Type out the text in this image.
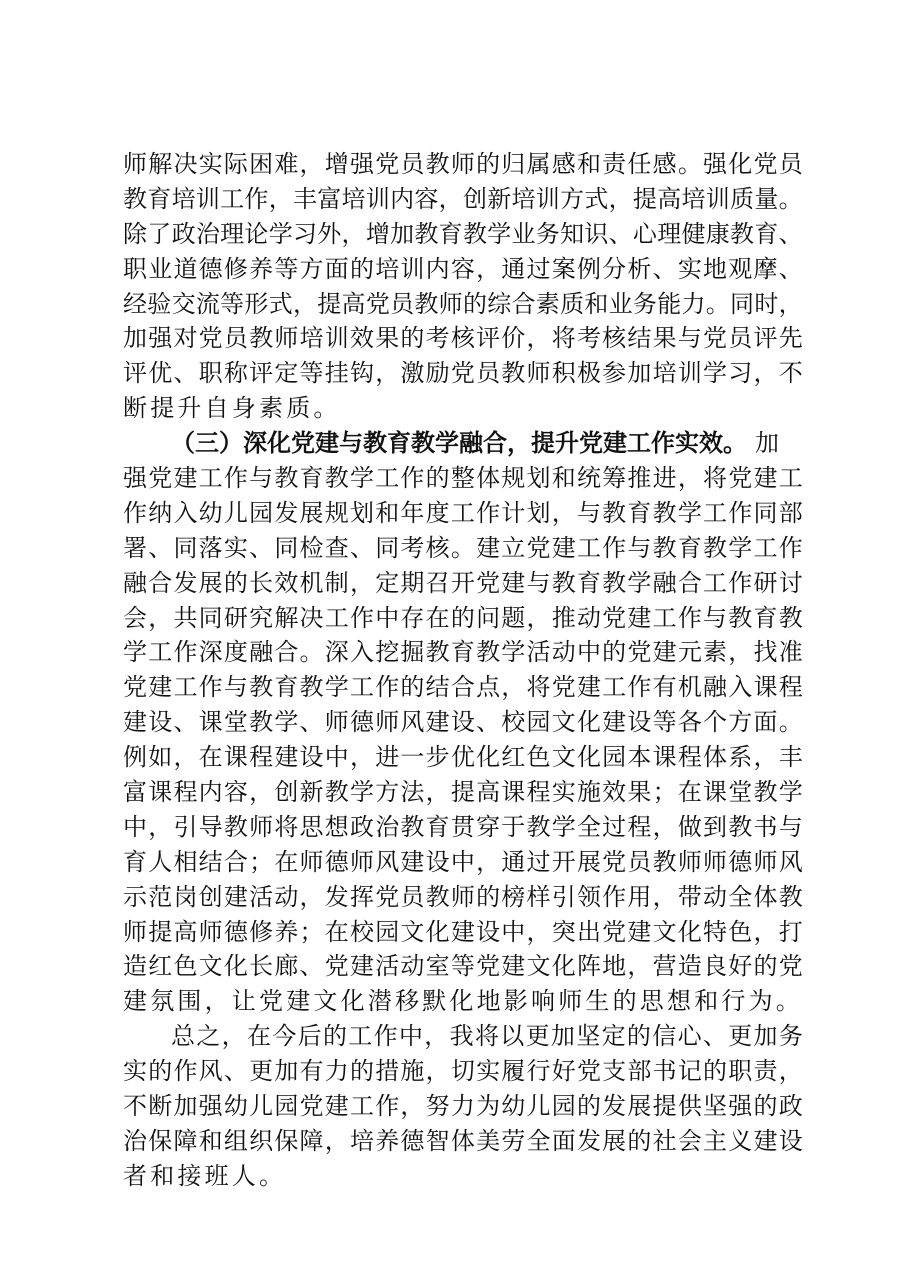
师 解 决 实 际 困 难 ， 增 强 党 员 教 师 的 归 属 感 和 责 任 感 。 强 化 党 员
教 育 培 训 工 作 ， 丰 富 培 训 内 容 ， 创 新 培 训 方 式 ， 提 高 培 训 质 量 。
除 了 政 治 理 论 学 习 外 ， 增 加 教 育 教 学 业 务 知 识 、 心 理 健 康 教 育 、
职 业 道 德 修 养 等 方 面 的 培 训 内 容 ， 通 过 案 例 分 析 、 实 地 观 摩 、
经 验 交 流 等 形 式 ， 提 高 党 员 教 师 的 综 合 素 质 和 业 务 能 力 。 同 时 ，
加 强 对 党 员 教 师 培 训 效 果 的 考 核 评 价 ， 将 考 核 结 果 与 党 员 评 先
评 优 、 职 称 评 定 等 挂 钩 ， 激 励 党 员 教 师 积 极 参 加 培 训 学 习 ， 不
断提升自身素质。
（三）深化党建与教育教学融合，提升党建工作实效。 加
强 党 建 工 作 与 教 育 教 学 工 作 的 整 体 规 划 和 统 筹 推 进 ， 将 党 建 工
作 纳 入 幼 儿 园 发 展 规 划 和 年 度 工 作 计 划 ， 与 教 育 教 学 工 作 同 部
署 、 同 落 实 、 同 检 查 、 同 考 核 。 建 立 党 建 工 作 与 教 育 教 学 工 作
融 合 发 展 的 长 效 机 制 ， 定 期 召 开 党 建 与 教 育 教 学 融 合 工 作 研 讨
会 ， 共 同 研 究 解 决 工 作 中 存 在 的 问 题 ， 推 动 党 建 工 作 与 教 育 教
学 工 作 深 度 融 合 。 深 入 挖 掘 教 育 教 学 活 动 中 的 党 建 元 素 ， 找 准
党 建 工 作 与 教 育 教 学 工 作 的 结 合 点 ， 将 党 建 工 作 有 机 融 入 课 程
建 设 、 课 堂 教 学 、 师 德 师 风 建 设 、 校 园 文 化 建 设 等 各 个 方 面 。
例 如 ， 在 课 程 建 设 中 ， 进 一 步 优 化 红 色 文 化 园 本 课 程 体 系 ， 丰
富 课 程 内 容 ， 创 新 教 学 方 法 ， 提 高 课 程 实 施 效 果 ； 在 课 堂 教 学
中 ， 引 导 教 师 将 思 想 政 治 教 育 贯 穿 于 教 学 全 过 程 ， 做 到 教 书 与
育 人 相 结 合 ； 在 师 德 师 风 建 设 中 ， 通 过 开 展 党 员 教 师 师 德 师 风
示 范 岗 创 建 活 动 ， 发 挥 党 员 教 师 的 榜 样 引 领 作 用 ， 带 动 全 体 教
师 提 高 师 德 修 养 ； 在 校 园 文 化 建 设 中 ， 突 出 党 建 文 化 特 色 ， 打
造 红 色 文 化 长 廊 、 党 建 活 动 室 等 党 建 文 化 阵 地 ， 营 造 良 好 的 党
建氛围，让党建文化潜移默化地影响师生的思想和行为。
总 之 ， 在 今 后 的 工 作 中 ， 我 将 以 更 加 坚 定 的 信 心 、 更 加 务
实 的 作 风 、 更 加 有 力 的 措 施 ， 切 实 履 行 好 党 支 部 书 记 的 职 责 ，
不 断 加 强 幼 儿 园 党 建 工 作 ， 努 力 为 幼 儿 园 的 发 展 提 供 坚 强 的 政
治 保 障 和 组 织 保 障 ， 培 养 德 智 体 美 劳 全 面 发 展 的 社 会 主 义 建 设
者和接班人。
